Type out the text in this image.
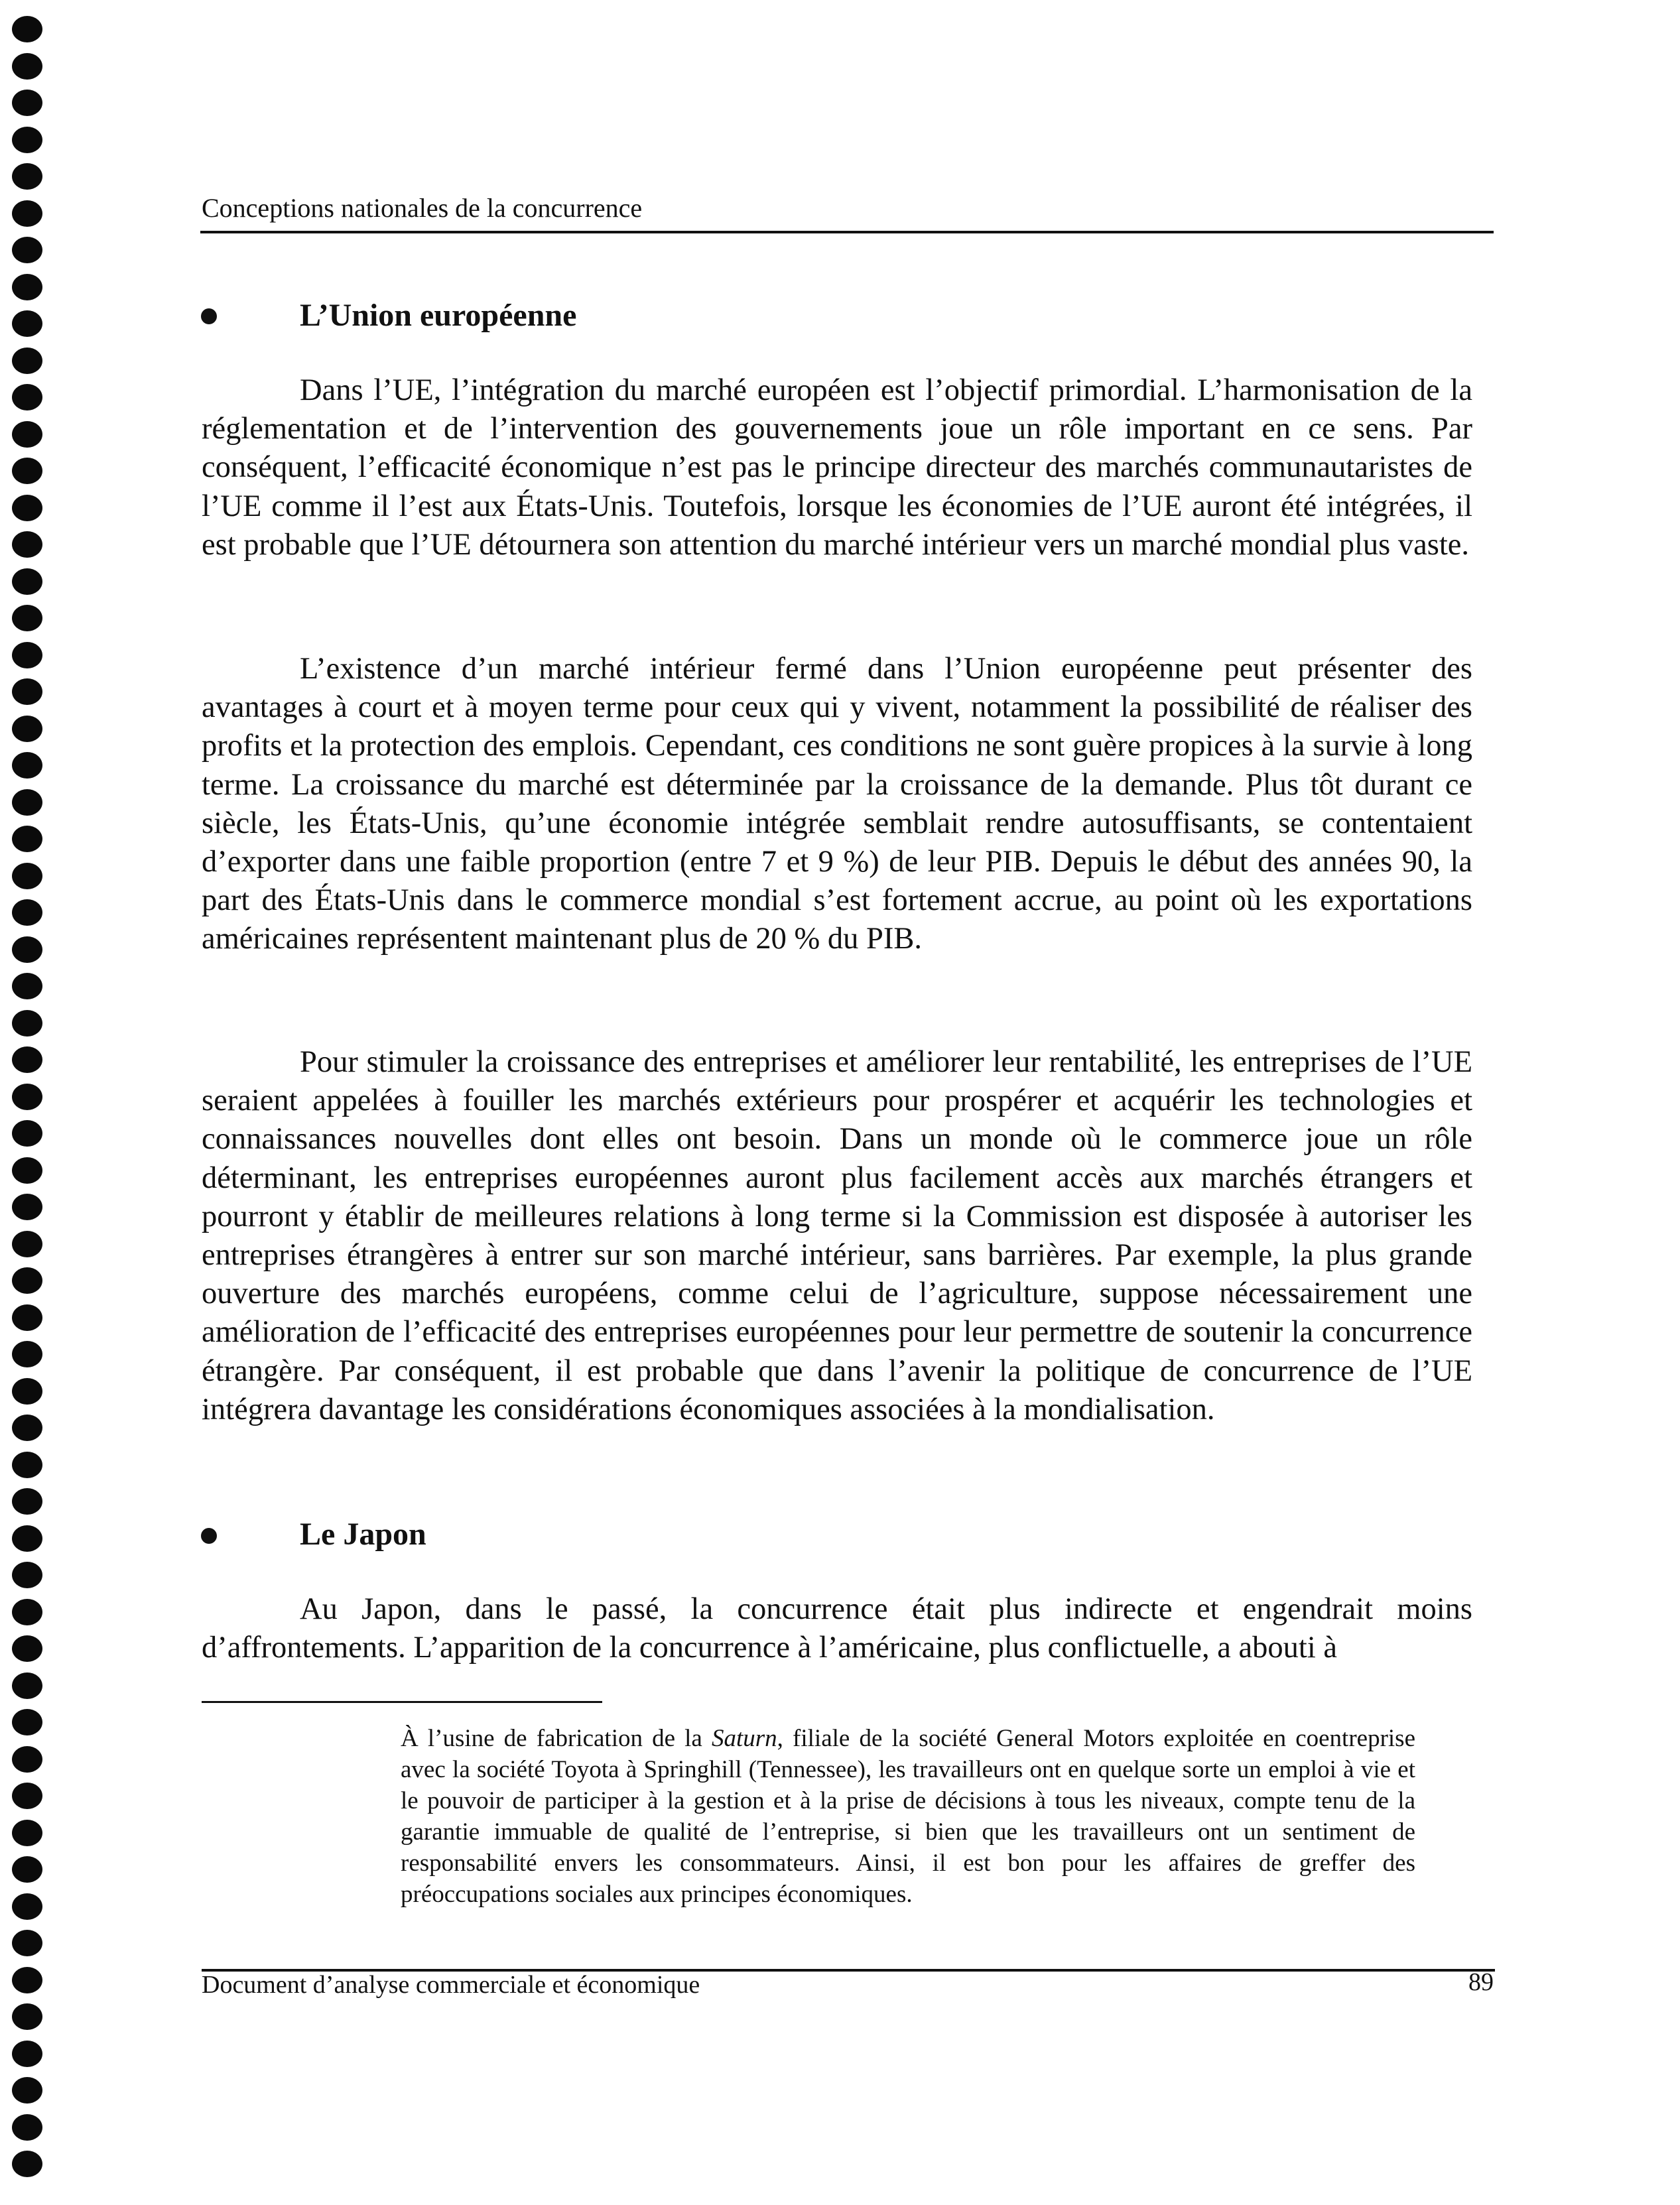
Conceptions nationales de la concurrence
L’Union européenne

Dans l’UE, l’intégration du marché européen est l’objectif primordial. L’harmonisation de la réglementation et de l’intervention des gouvernements joue un rôle important en ce sens. Par conséquent, l’efficacité économique n’est pas le principe directeur des marchés communautaristes de l’UE comme il l’est aux États-Unis. Toutefois, lorsque les économies de l’UE auront été intégrées, il est probable que l’UE détournera son attention du marché intérieur vers un marché mondial plus vaste.

L’existence d’un marché intérieur fermé dans l’Union européenne peut présenter des avantages à court et à moyen terme pour ceux qui y vivent, notamment la possibilité de réaliser des profits et la protection des emplois. Cependant, ces conditions ne sont guère propices à la survie à long terme. La croissance du marché est déterminée par la croissance de la demande. Plus tôt durant ce siècle, les États-Unis, qu’une économie intégrée semblait rendre autosuffisants, se contentaient d’exporter dans une faible proportion (entre 7 et 9 %) de leur PIB. Depuis le début des années 90, la part des États-Unis dans le commerce mondial s’est fortement accrue, au point où les exportations américaines représentent maintenant plus de 20 % du PIB.

Pour stimuler la croissance des entreprises et améliorer leur rentabilité, les entreprises de l’UE seraient appelées à fouiller les marchés extérieurs pour prospérer et acquérir les technologies et connaissances nouvelles dont elles ont besoin. Dans un monde où le commerce joue un rôle déterminant, les entreprises européennes auront plus facilement accès aux marchés étrangers et pourront y établir de meilleures relations à long terme si la Commission est disposée à autoriser les entreprises étrangères à entrer sur son marché intérieur, sans barrières. Par exemple, la plus grande ouverture des marchés européens, comme celui de l’agriculture, suppose nécessairement une amélioration de l’efficacité des entreprises européennes pour leur permettre de soutenir la concurrence étrangère. Par conséquent, il est probable que dans l’avenir la politique de concurrence de l’UE intégrera davantage les considérations économiques associées à la mondialisation.

Le Japon

Au Japon, dans le passé, la concurrence était plus indirecte et engendrait moins d’affrontements. L’apparition de la concurrence à l’américaine, plus conflictuelle, a abouti à

À l’usine de fabrication de la Saturn, filiale de la société General Motors exploitée en coentreprise avec la société Toyota à Springhill (Tennessee), les travailleurs ont en quelque sorte un emploi à vie et le pouvoir de participer à la gestion et à la prise de décisions à tous les niveaux, compte tenu de la garantie immuable de qualité de l’entreprise, si bien que les travailleurs ont un sentiment de responsabilité envers les consommateurs. Ainsi, il est bon pour les affaires de greffer des préoccupations sociales aux principes économiques.

Document d’analyse commerciale et économique	89
